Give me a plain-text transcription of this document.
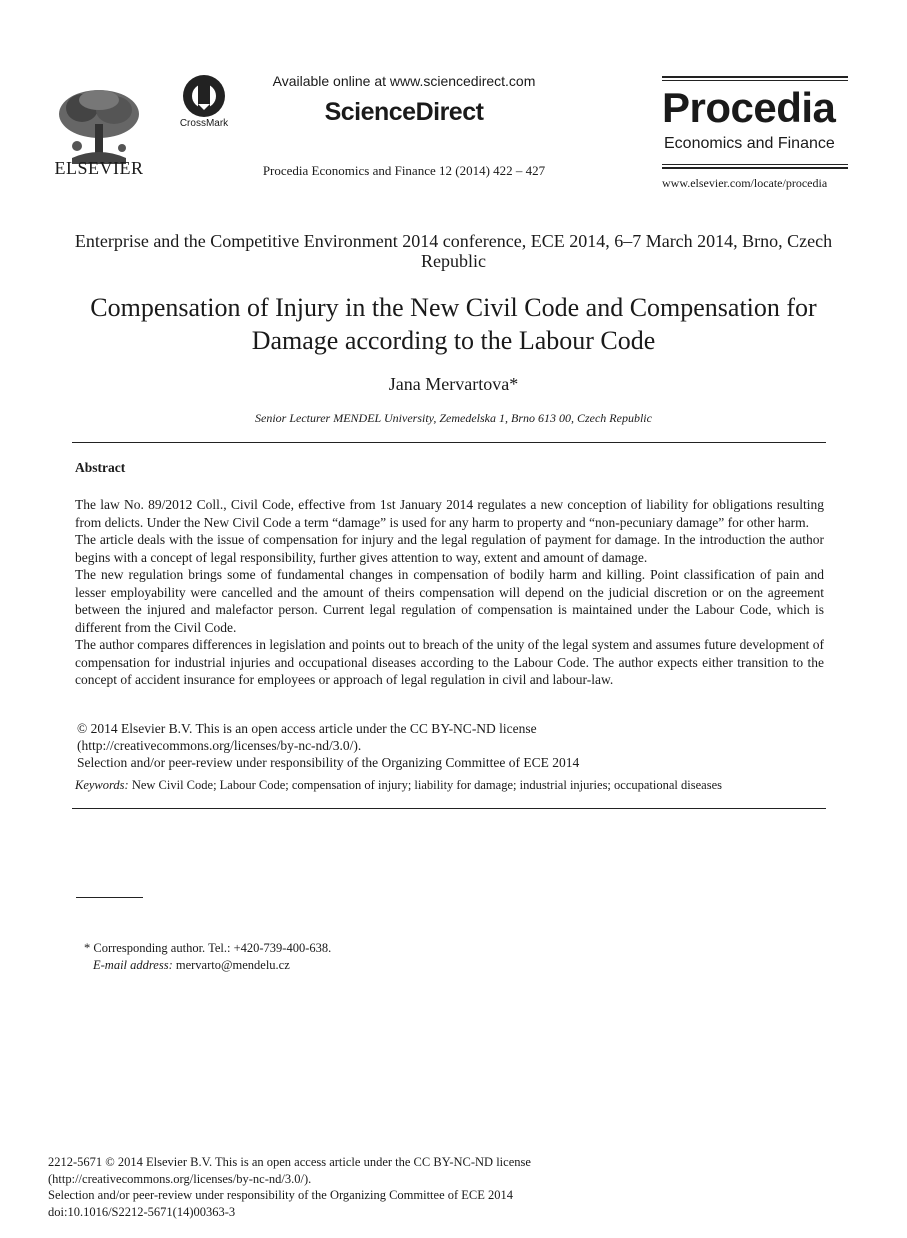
ELSEVIER
CrossMark
Available online at www.sciencedirect.com
ScienceDirect
Procedia Economics and Finance 12 (2014) 422 – 427
Procedia
Economics and Finance
www.elsevier.com/locate/procedia
Enterprise and the Competitive Environment 2014 conference, ECE 2014, 6–7 March 2014, Brno, Czech Republic
Compensation of Injury in the New Civil Code and Compensation for Damage according to the Labour Code
Jana Mervartova*
Senior Lecturer MENDEL University, Zemedelska 1, Brno 613 00, Czech Republic
Abstract

The law No. 89/2012 Coll., Civil Code, effective from 1st January 2014 regulates a new conception of liability for obligations resulting from delicts. Under the New Civil Code a term “damage” is used for any harm to property and “non-pecuniary damage” for other harm.

The article deals with the issue of compensation for injury and the legal regulation of payment for damage. In the introduction the author begins with a concept of legal responsibility, further gives attention to way, extent and amount of damage.

The new regulation brings some of fundamental changes in compensation of bodily harm and killing. Point classification of pain and lesser employability were cancelled and the amount of theirs compensation will depend on the judicial discretion or on the agreement between the injured and malefactor person. Current legal regulation of compensation is maintained under the Labour Code, which is different from the Civil Code.

The author compares differences in legislation and points out to breach of the unity of the legal system and assumes future development of compensation for industrial injuries and occupational diseases according to the Labour Code. The author expects either transition to the concept of accident insurance for employees or approach of legal regulation in civil and labour-law.

© 2014 Elsevier B.V. This is an open access article under the CC BY-NC-ND license
(http://creativecommons.org/licenses/by-nc-nd/3.0/).
Selection and/or peer-review under responsibility of the Organizing Committee of ECE 2014
Keywords: New Civil Code; Labour Code; compensation of injury; liability for damage; industrial injuries; occupational diseases
* Corresponding author. Tel.: +420-739-400-638.
E-mail address: mervarto@mendelu.cz
2212-5671 © 2014 Elsevier B.V. This is an open access article under the CC BY-NC-ND license
(http://creativecommons.org/licenses/by-nc-nd/3.0/).
Selection and/or peer-review under responsibility of the Organizing Committee of ECE 2014
doi:10.1016/S2212-5671(14)00363-3
